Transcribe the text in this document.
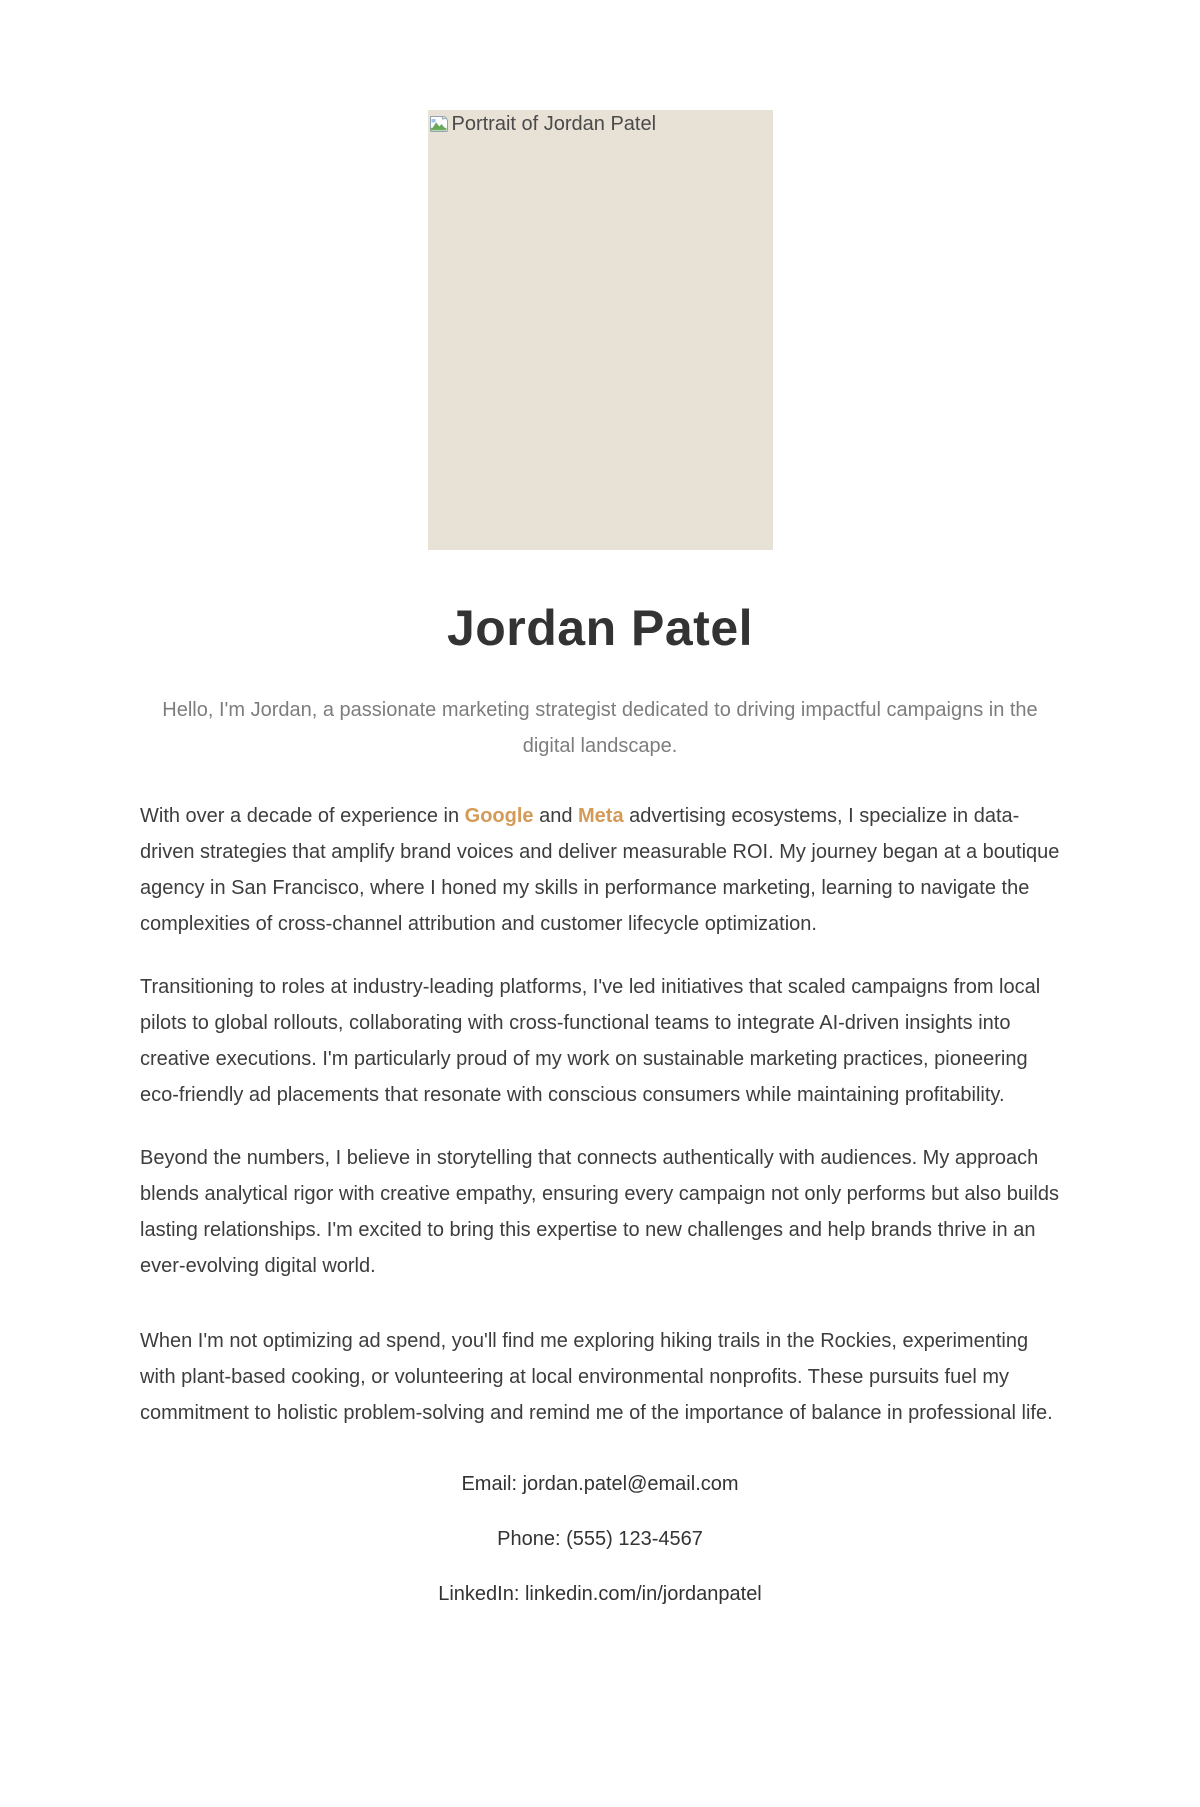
Portrait of Jordan Patel
Jordan Patel

Hello, I'm Jordan, a passionate marketing strategist dedicated to driving impactful campaigns in the digital landscape.

With over a decade of experience in Google and Meta advertising ecosystems, I specialize in data-driven strategies that amplify brand voices and deliver measurable ROI. My journey began at a boutique agency in San Francisco, where I honed my skills in performance marketing, learning to navigate the complexities of cross-channel attribution and customer lifecycle optimization.

Transitioning to roles at industry-leading platforms, I've led initiatives that scaled campaigns from local pilots to global rollouts, collaborating with cross-functional teams to integrate AI-driven insights into creative executions. I'm particularly proud of my work on sustainable marketing practices, pioneering eco-friendly ad placements that resonate with conscious consumers while maintaining profitability.

Beyond the numbers, I believe in storytelling that connects authentically with audiences. My approach blends analytical rigor with creative empathy, ensuring every campaign not only performs but also builds lasting relationships. I'm excited to bring this expertise to new challenges and help brands thrive in an ever-evolving digital world.

When I'm not optimizing ad spend, you'll find me exploring hiking trails in the Rockies, experimenting with plant-based cooking, or volunteering at local environmental nonprofits. These pursuits fuel my commitment to holistic problem-solving and remind me of the importance of balance in professional life.

Email: jordan.patel@email.com

Phone: (555) 123-4567

LinkedIn: linkedin.com/in/jordanpatel
